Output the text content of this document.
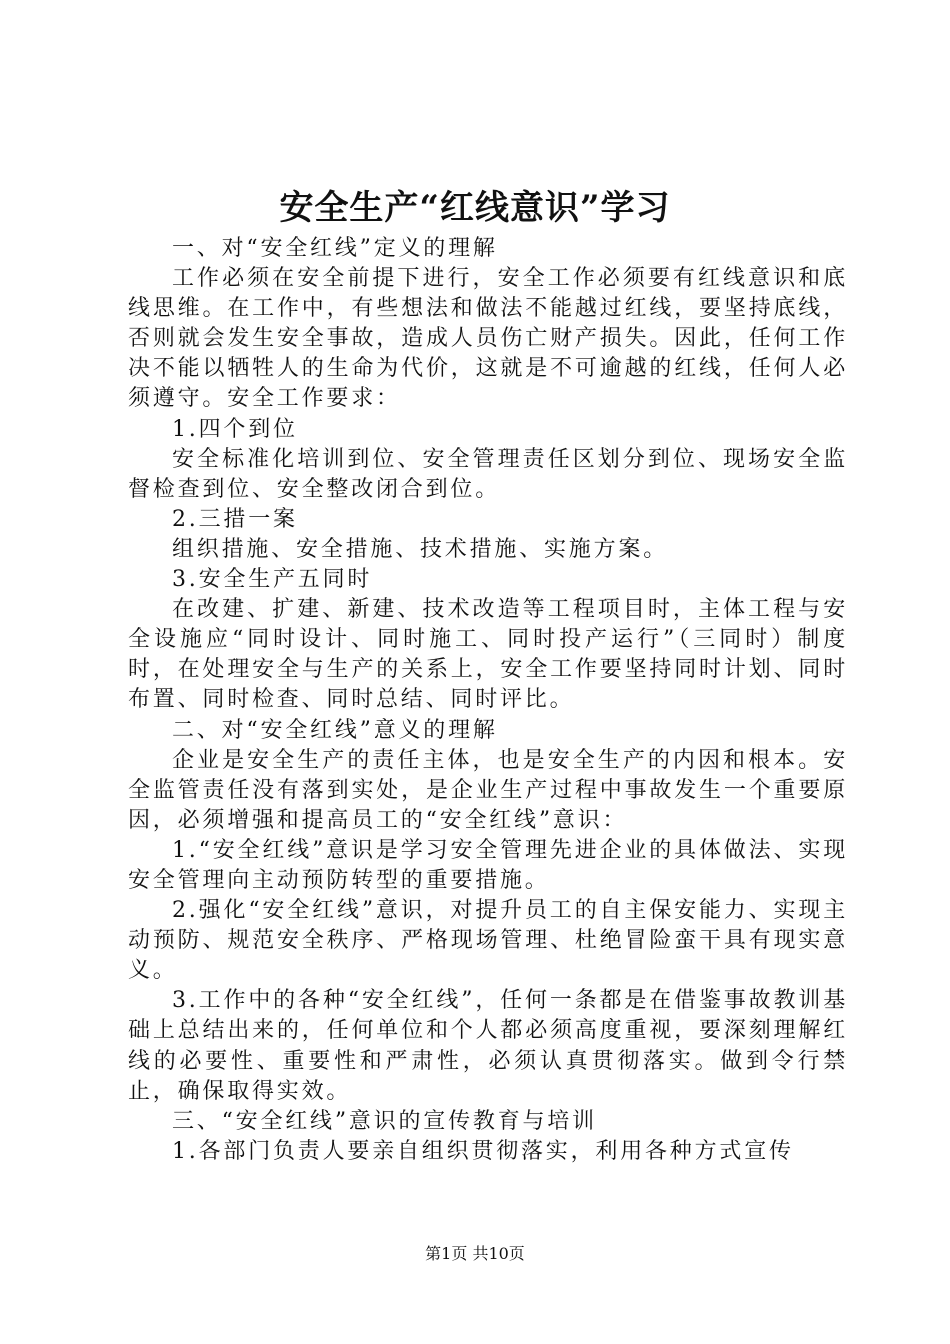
安全生产“红线意识”学习

一、对“安全红线”定义的理解

工作必须在安全前提下进行，安全工作必须要有红线意识和底线思维。在工作中，有些想法和做法不能越过红线，要坚持底线，否则就会发生安全事故，造成人员伤亡财产损失。因此，任何工作决不能以牺牲人的生命为代价，这就是不可逾越的红线，任何人必须遵守。安全工作要求：

1.四个到位

安全标准化培训到位、安全管理责任区划分到位、现场安全监督检查到位、安全整改闭合到位。

2.三措一案

组织措施、安全措施、技术措施、实施方案。

3.安全生产五同时

在改建、扩建、新建、技术改造等工程项目时，主体工程与安全设施应“同时设计、同时施工、同时投产运行”（三同时）制度时，在处理安全与生产的关系上，安全工作要坚持同时计划、同时布置、同时检查、同时总结、同时评比。

二、对“安全红线”意义的理解

企业是安全生产的责任主体，也是安全生产的内因和根本。安全监管责任没有落到实处，是企业生产过程中事故发生一个重要原因，必须增强和提高员工的“安全红线”意识：

1.“安全红线”意识是学习安全管理先进企业的具体做法、实现安全管理向主动预防转型的重要措施。

2.强化“安全红线”意识，对提升员工的自主保安能力、实现主动预防、规范安全秩序、严格现场管理、杜绝冒险蛮干具有现实意义。

3.工作中的各种“安全红线”，任何一条都是在借鉴事故教训基础上总结出来的，任何单位和个人都必须高度重视，要深刻理解红线的必要性、重要性和严肃性，必须认真贯彻落实。做到令行禁止，确保取得实效。

三、“安全红线”意识的宣传教育与培训

1.各部门负责人要亲自组织贯彻落实，利用各种方式宣传

第1页 共10页
